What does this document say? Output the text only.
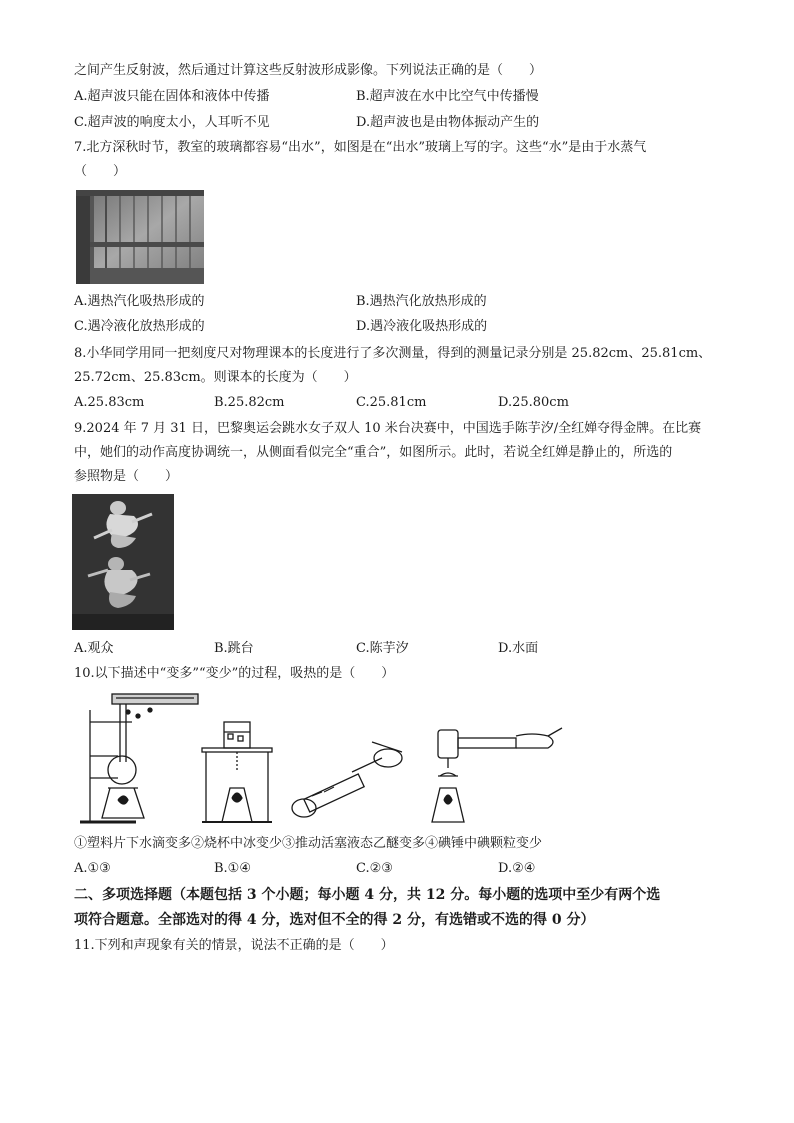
之间产生反射波，然后通过计算这些反射波形成影像。下列说法正确的是（　　）
A.超声波只能在固体和液体中传播	B.超声波在水中比空气中传播慢
C.超声波的响度太小，人耳听不见	D.超声波也是由物体振动产生的
7.北方深秋时节，教室的玻璃都容易“出水”，如图是在“出水”玻璃上写的字。这些“水”是由于水蒸气
（　　）
A.遇热汽化吸热形成的	B.遇热汽化放热形成的
C.遇冷液化放热形成的	D.遇冷液化吸热形成的
8.小华同学用同一把刻度尺对物理课本的长度进行了多次测量，得到的测量记录分别是 25.82cm、25.81cm、
25.72cm、25.83cm。则课本的长度为（　　）
A.25.83cm	B.25.82cm	C.25.81cm	D.25.80cm
9.2024 年 7 月 31 日，巴黎奥运会跳水女子双人 10 米台决赛中，中国选手陈芋汐/全红婵夺得金牌。在比赛
中，她们的动作高度协调统一，从侧面看似完全“重合”，如图所示。此时，若说全红婵是静止的，所选的
参照物是（　　）
A.观众	B.跳台	C.陈芋汐	D.水面
10.以下描述中“变多”“变少”的过程，吸热的是（　　）
①塑料片下水滴变多②烧杯中冰变少③推动活塞液态乙醚变多④碘锤中碘颗粒变少
A.①③	B.①④	C.②③	D.②④
二、多项选择题（本题包括 3 个小题；每小题 4 分，共 12 分。每小题的选项中至少有两个选
项符合题意。全部选对的得 4 分，选对但不全的得 2 分，有选错或不选的得 0 分）
11.下列和声现象有关的情景，说法不正确的是（　　）
